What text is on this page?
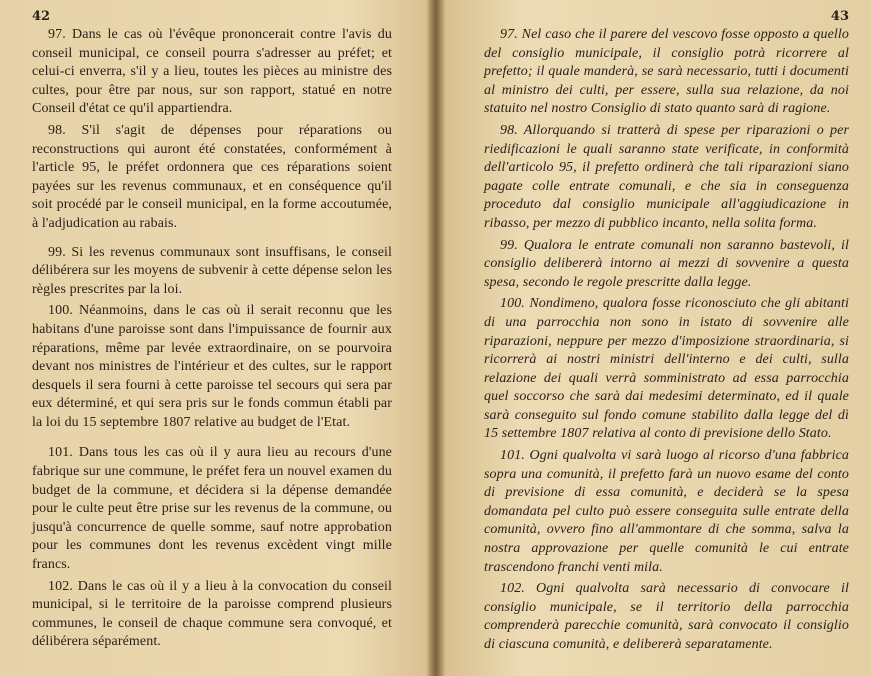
42

97. Dans le cas où l'évêque prononcerait contre l'avis du conseil municipal, ce conseil pourra s'adresser au préfet; et celui-ci enverra, s'il y a lieu, toutes les pièces au ministre des cultes, pour être par nous, sur son rapport, statué en notre Conseil d'état ce qu'il appartiendra.

98. S'il s'agit de dépenses pour réparations ou reconstructions qui auront été constatées, conformément à l'article 95, le préfet ordonnera que ces réparations soient payées sur les revenus communaux, et en conséquence qu'il soit procédé par le conseil municipal, en la forme accoutumée, à l'adjudication au rabais.

99. Si les revenus communaux sont insuffisans, le conseil délibérera sur les moyens de subvenir à cette dépense selon les règles prescrites par la loi.

100. Néanmoins, dans le cas où il serait reconnu que les habitans d'une paroisse sont dans l'impuissance de fournir aux réparations, même par levée extraordinaire, on se pourvoira devant nos ministres de l'intérieur et des cultes, sur le rapport desquels il sera fourni à cette paroisse tel secours qui sera par eux déterminé, et qui sera pris sur le fonds commun établi par la loi du 15 septembre 1807 relative au budget de l'Etat.

101. Dans tous les cas où il y aura lieu au recours d'une fabrique sur une commune, le préfet fera un nouvel examen du budget de la commune, et décidera si la dépense demandée pour le culte peut être prise sur les revenus de la commune, ou jusqu'à concurrence de quelle somme, sauf notre approbation pour les communes dont les revenus excèdent vingt mille francs.

102. Dans le cas où il y a lieu à la convocation du conseil municipal, si le territoire de la paroisse comprend plusieurs communes, le conseil de chaque commune sera convoqué, et délibérera séparément.

43

97. Nel caso che il parere del vescovo fosse opposto a quello del consiglio municipale, il consiglio potrà ricorrere al prefetto; il quale manderà, se sarà necessario, tutti i documenti al ministro dei culti, per essere, sulla sua relazione, da noi statuito nel nostro Consiglio di stato quanto sarà di ragione.

98. Allorquando si tratterà di spese per riparazioni o per riedificazioni le quali saranno state verificate, in conformità dell'articolo 95, il prefetto ordinerà che tali riparazioni siano pagate colle entrate comunali, e che sia in conseguenza proceduto dal consiglio municipale all'aggiudicazione in ribasso, per mezzo di pubblico incanto, nella solita forma.

99. Qualora le entrate comunali non saranno bastevoli, il consiglio delibererà intorno ai mezzi di sovvenire a questa spesa, secondo le regole prescritte dalla legge.

100. Nondimeno, qualora fosse riconosciuto che gli abitanti di una parrocchia non sono in istato di sovvenire alle riparazioni, neppure per mezzo d'imposizione straordinaria, si ricorrerà ai nostri ministri dell'interno e dei culti, sulla relazione dei quali verrà somministrato ad essa parrocchia quel soccorso che sarà dai medesimi determinato, ed il quale sarà conseguito sul fondo comune stabilito dalla legge del dì 15 settembre 1807 relativa al conto di previsione dello Stato.

101. Ogni qualvolta vi sarà luogo al ricorso d'una fabbrica sopra una comunità, il prefetto farà un nuovo esame del conto di previsione di essa comunità, e deciderà se la spesa domandata pel culto può essere conseguita sulle entrate della comunità, ovvero fino all'ammontare di che somma, salva la nostra approvazione per quelle comunità le cui entrate trascendono franchi venti mila.

102. Ogni qualvolta sarà necessario di convocare il consiglio municipale, se il territorio della parrocchia comprenderà parecchie comunità, sarà convocato il consiglio di ciascuna comunità, e delibererà separatamente.
